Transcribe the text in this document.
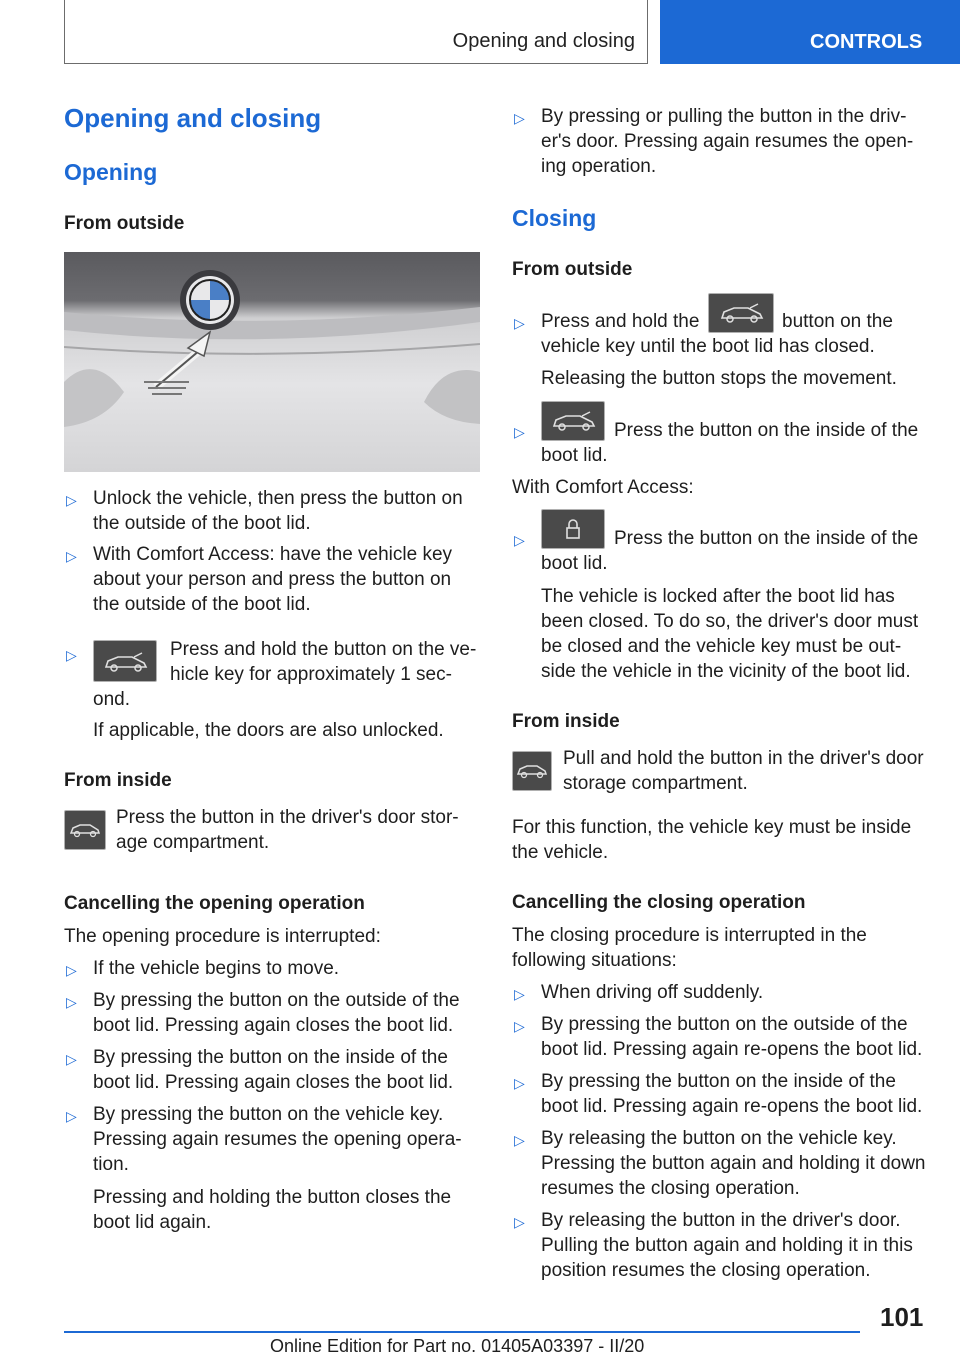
Opening and closing	CONTROLS
Opening and closing
Opening
From outside
▷ Unlock the vehicle, then press the button on the outside of the boot lid.
▷ With Comfort Access: have the vehicle key about your person and press the button on the outside of the boot lid.
▷	Press and hold the button on the ve-
hicle key for approximately 1 sec-
ond.
If applicable, the doors are also unlocked.
From inside
Press the button in the driver's door storage compartment.
Cancelling the opening operation
The opening procedure is interrupted:
▷ If the vehicle begins to move.
▷ By pressing the button on the outside of the boot lid. Pressing again closes the boot lid.
▷ By pressing the button on the inside of the boot lid. Pressing again closes the boot lid.
▷ By pressing the button on the vehicle key. Pressing again resumes the opening operation.
Pressing and holding the button closes the boot lid again.
▷ By pressing or pulling the button in the driver's door. Pressing again resumes the opening operation.
Closing
From outside
▷ Press and hold the	button on the
vehicle key until the boot lid has closed.
Releasing the button stops the movement.
▷	Press the button on the inside of the
boot lid.
With Comfort Access:
▷	Press the button on the inside of the
boot lid.
The vehicle is locked after the boot lid has been closed. To do so, the driver's door must be closed and the vehicle key must be outside the vehicle in the vicinity of the boot lid.
From inside
Pull and hold the button in the driver's door storage compartment.
For this function, the vehicle key must be inside the vehicle.
Cancelling the closing operation
The closing procedure is interrupted in the following situations:
▷ When driving off suddenly.
▷ By pressing the button on the outside of the boot lid. Pressing again re-opens the boot lid.
▷ By pressing the button on the inside of the boot lid. Pressing again re-opens the boot lid.
▷ By releasing the button on the vehicle key. Pressing the button again and holding it down resumes the closing operation.
▷ By releasing the button in the driver's door. Pulling the button again and holding it in this position resumes the closing operation.
101
Online Edition for Part no. 01405A03397 - II/20
